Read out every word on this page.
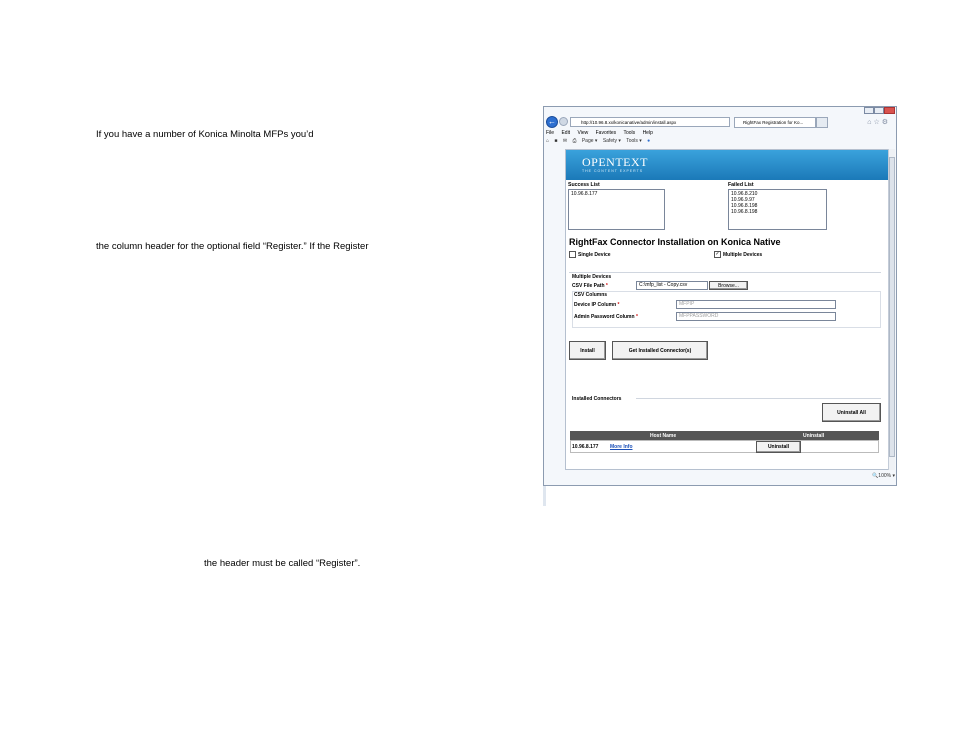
If you have a number of Konica Minolta MFPs you’d
the column header for the optional field “Register.” If the Register
the header must be called “Register”.
←	http://10.96.8.xx/konicanative/admin/install.aspx	RightFax Registration for Ko...	⌂☆⚙
File Edit View Favorites Tools Help
⌂ ■ ✉ ⎙ Page ▾ Safety ▾ Tools ▾ ●
OPENTEXT
THE CONTENT EXPERTS
Success List
10.96.8.177
Failed List
10.96.8.210
10.96.9.97
10.96.8.198
10.96.8.198
RightFax Connector Installation on Konica Native
Single Device	✓ Multiple Devices
Multiple Devices
CSV File Path *	C:\mfp_list - Copy.csv	Browse...
CSV Columns
Device IP Column *	MFPIP
Admin Password Column *	MFPPASSWORD
Install	Get Installed Connector(s)
Installed Connectors
Uninstall All
Host Name	Uninstall
10.96.8.177 More Info	Uninstall
🔍100% ▾
